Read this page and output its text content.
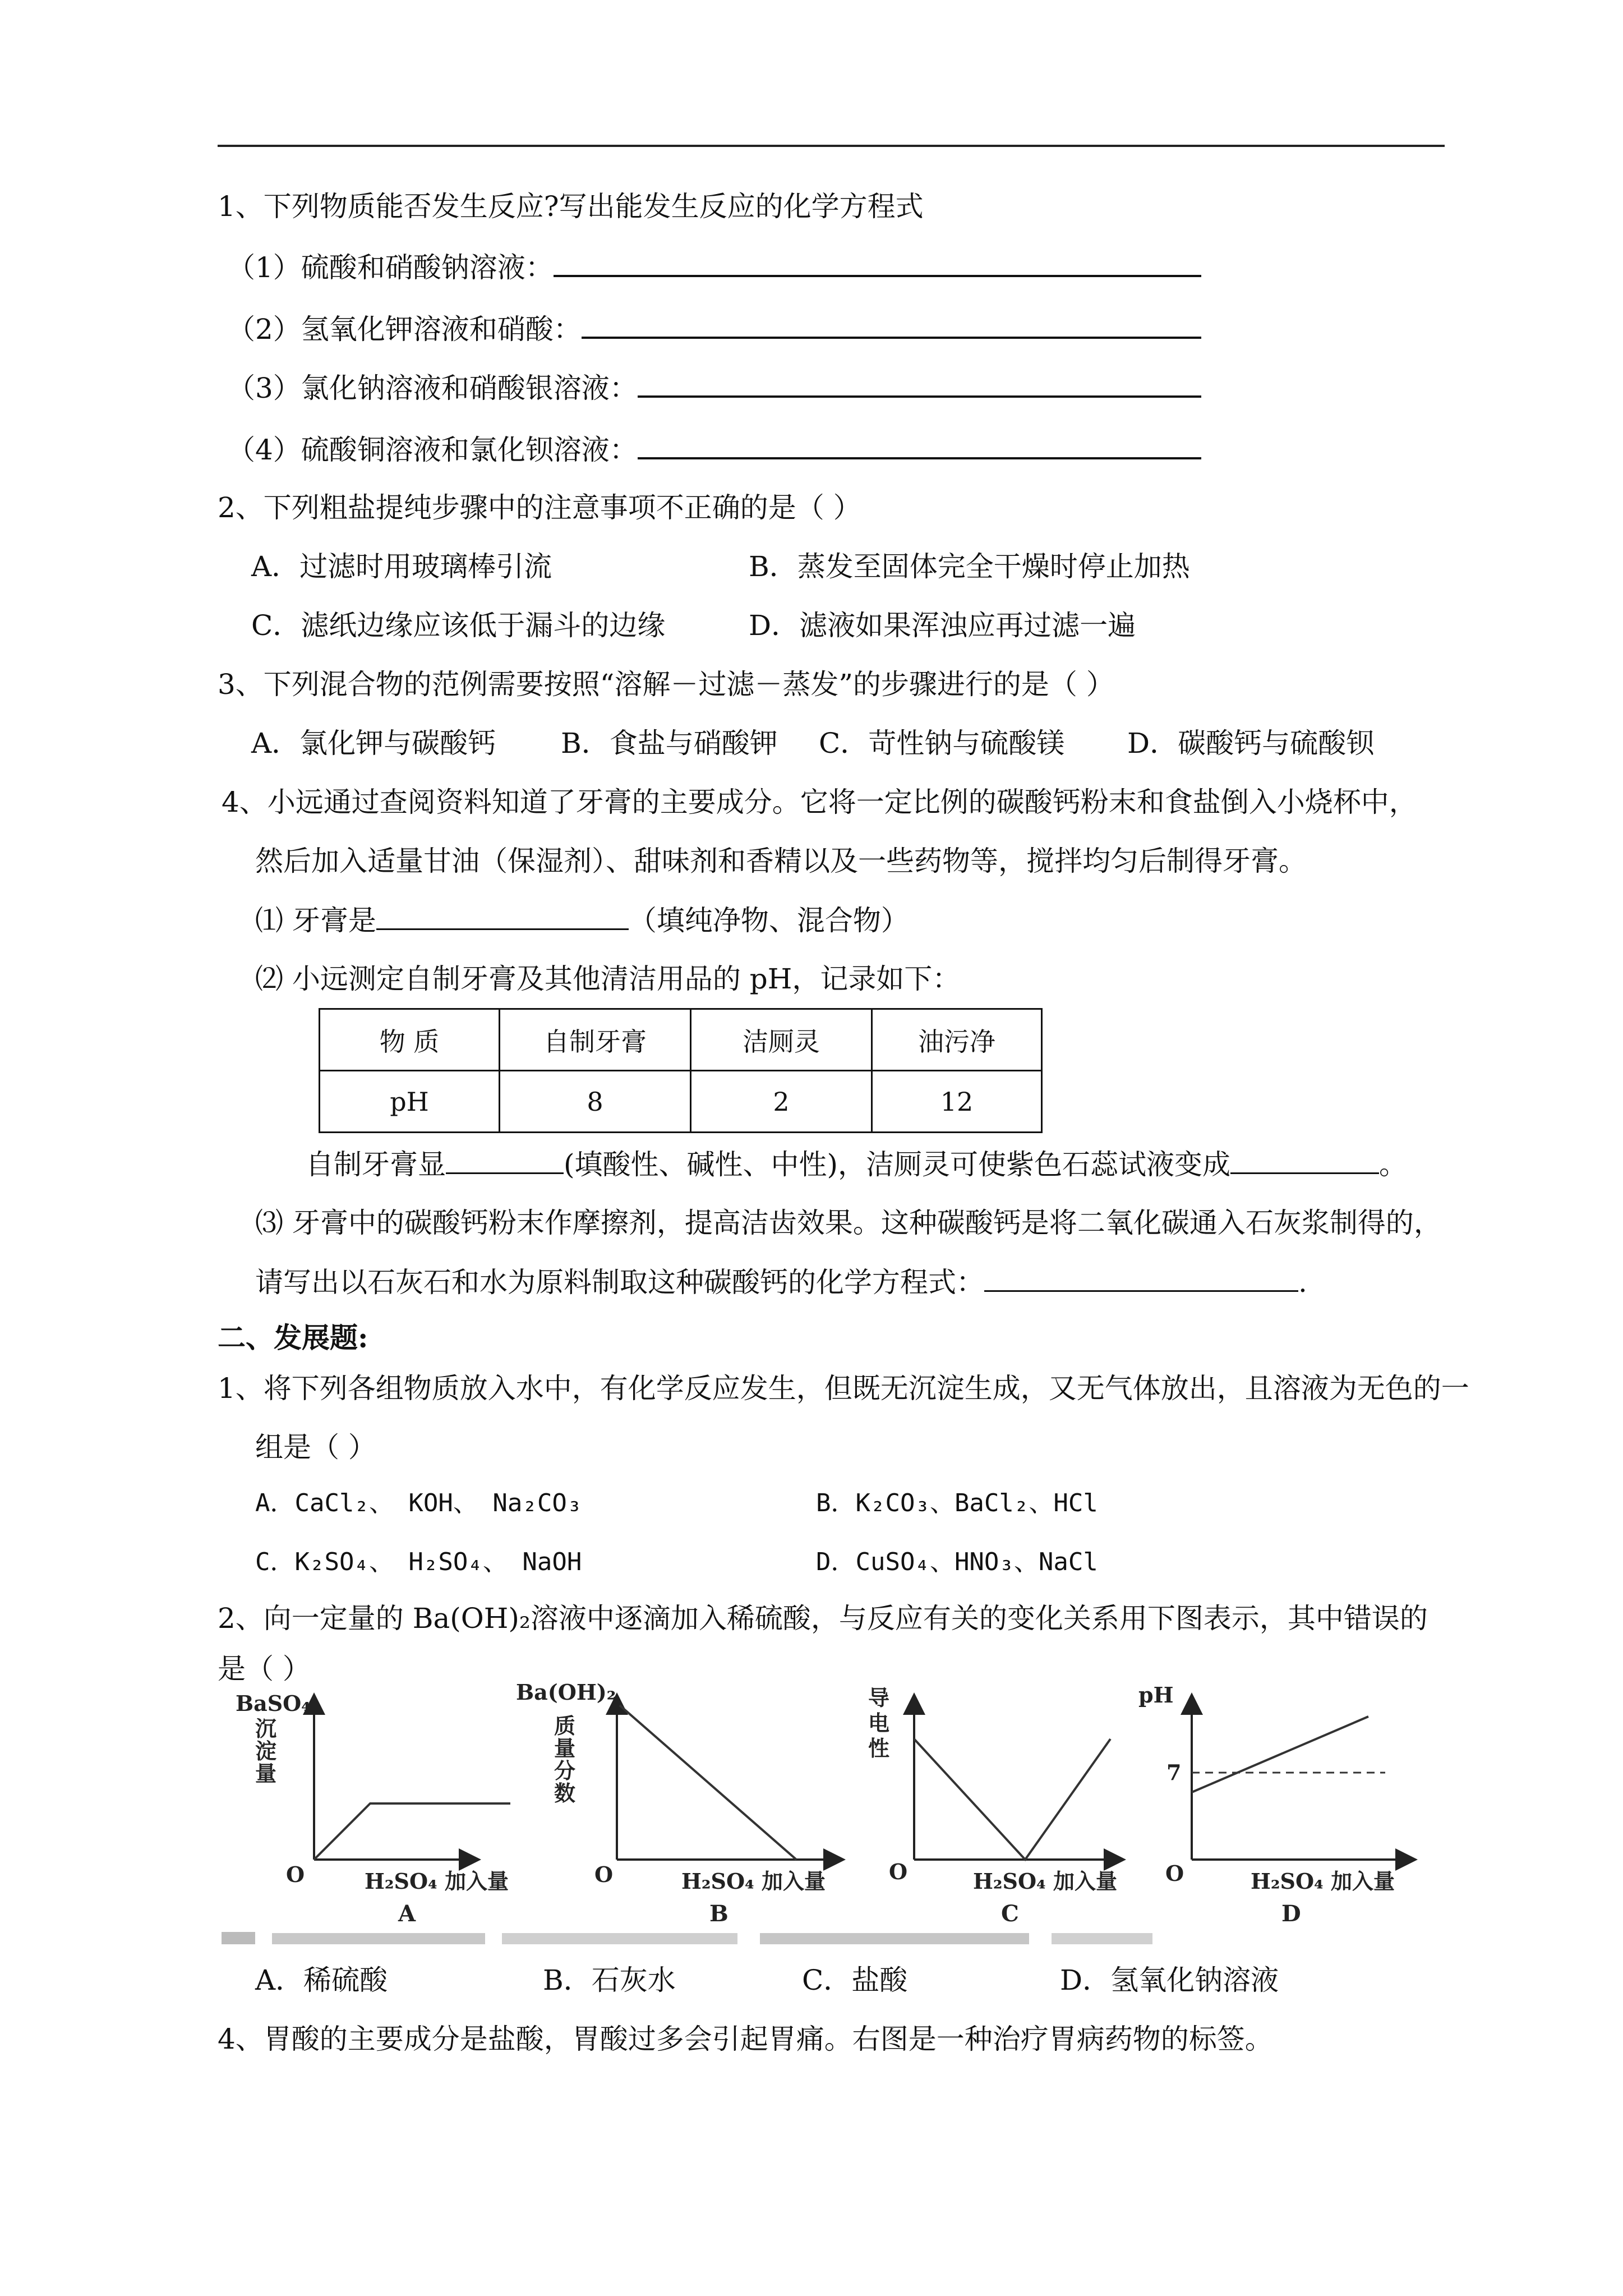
1、下列物质能否发生反应?写出能发生反应的化学方程式
（1）硫酸和硝酸钠溶液：
（2）氢氧化钾溶液和硝酸：
（3）氯化钠溶液和硝酸银溶液：
（4）硫酸铜溶液和氯化钡溶液：
2、下列粗盐提纯步骤中的注意事项不正确的是（ ）
A．过滤时用玻璃棒引流	B．蒸发至固体完全干燥时停止加热
C．滤纸边缘应该低于漏斗的边缘	D．滤液如果浑浊应再过滤一遍
3、下列混合物的范例需要按照“溶解－过滤－蒸发”的步骤进行的是（ ）
A．氯化钾与碳酸钙 B．食盐与硝酸钾 C．苛性钠与硫酸镁 D．碳酸钙与硫酸钡
4、小远通过查阅资料知道了牙膏的主要成分。它将一定比例的碳酸钙粉末和食盐倒入小烧杯中，
然后加入适量甘油（保湿剂）、甜味剂和香精以及一些药物等，搅拌均匀后制得牙膏。
⑴ 牙膏是	（填纯净物、混合物）
⑵ 小远测定自制牙膏及其他清洁用品的 pH，记录如下：
物 质	自制牙膏	洁厕灵	油污净
pH	8	2	12
自制牙膏显	(填酸性、碱性、中性)，洁厕灵可使紫色石蕊试液变成	。
⑶ 牙膏中的碳酸钙粉末作摩擦剂，提高洁齿效果。这种碳酸钙是将二氧化碳通入石灰浆制得的，
请写出以石灰石和水为原料制取这种碳酸钙的化学方程式：	.
二、发展题:
1、将下列各组物质放入水中，有化学反应发生，但既无沉淀生成，又无气体放出，且溶液为无色的一
组是（ ）
A．CaCl₂、 KOH、 Na₂CO₃	B．K₂CO₃、BaCl₂、HCl
C．K₂SO₄、 H₂SO₄、 NaOH	D．CuSO₄、HNO₃、NaCl
2、向一定量的 Ba(OH)₂溶液中逐滴加入稀硫酸，与反应有关的变化关系用下图表示，其中错误的
是（ ）
BaSO₄
沉
淀
量
O	H₂SO₄ 加入量
A
Ba(OH)₂
质
量
分
数
O	H₂SO₄ 加入量
B
导
电
性
O	H₂SO₄ 加入量
C
pH
7
O	H₂SO₄ 加入量
D
A．稀硫酸	B．石灰水	C．盐酸	D．氢氧化钠溶液
4、胃酸的主要成分是盐酸，胃酸过多会引起胃痛。右图是一种治疗胃病药物的标签。
